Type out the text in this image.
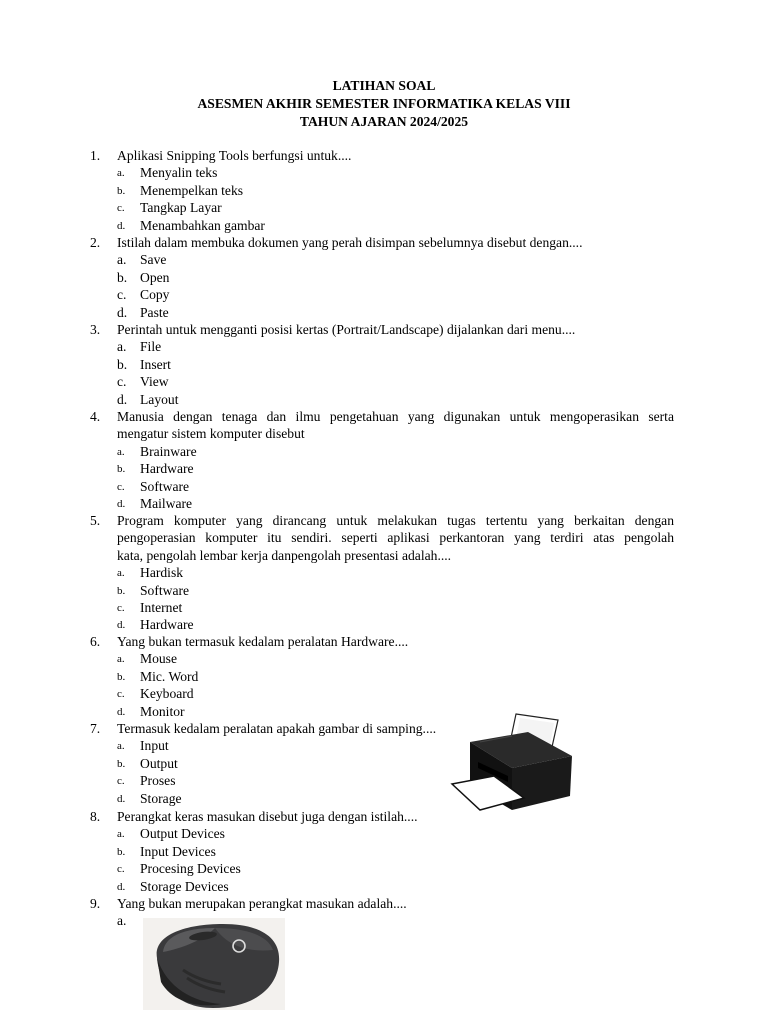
LATIHAN SOAL
ASESMEN AKHIR SEMESTER INFORMATIKA KELAS VIII
TAHUN AJARAN 2024/2025
1. Aplikasi Snipping Tools berfungsi untuk....
a. Menyalin teks
b. Menempelkan teks
c. Tangkap Layar
d. Menambahkan gambar
2. Istilah dalam membuka dokumen yang perah disimpan sebelumnya disebut dengan....
a. Save
b. Open
c. Copy
d. Paste
3. Perintah untuk mengganti posisi kertas (Portrait/Landscape) dijalankan dari menu....
a. File
b. Insert
c. View
d. Layout
4. Manusia dengan tenaga dan ilmu pengetahuan yang digunakan untuk mengoperasikan serta
mengatur sistem komputer disebut
a. Brainware
b. Hardware
c. Software
d. Mailware
5. Program komputer yang dirancang untuk melakukan tugas tertentu yang berkaitan dengan
pengoperasian komputer itu sendiri. seperti aplikasi perkantoran yang terdiri atas pengolah
kata, pengolah lembar kerja danpengolah presentasi adalah....
a. Hardisk
b. Software
c. Internet
d. Hardware
6. Yang bukan termasuk kedalam peralatan Hardware....
a. Mouse
b. Mic. Word
c. Keyboard
d. Monitor
7. Termasuk kedalam peralatan apakah gambar di samping....
a. Input
b. Output
c. Proses
d. Storage
8. Perangkat keras masukan disebut juga dengan istilah....
a. Output Devices
b. Input Devices
c. Procesing Devices
d. Storage Devices
9. Yang bukan merupakan perangkat masukan adalah....
a.
